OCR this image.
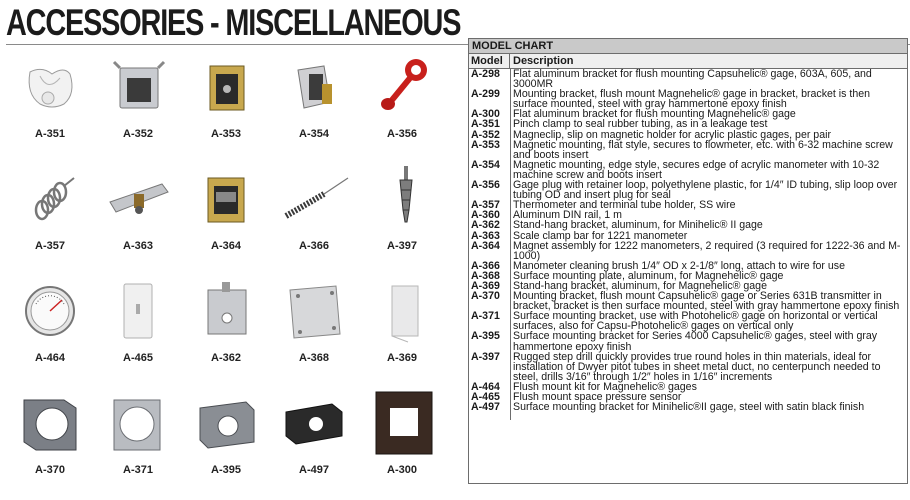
ACCESSORIES - MISCELLANEOUS
A-351	A-352	A-353	A-354	A-356
A-357	A-363	A-364	A-366	A-397
A-464	A-465	A-362	A-368	A-369
A-370	A-371	A-395	A-497	A-300
MODEL CHART
Model Description
A-298	Flat aluminum bracket for flush mounting Capsuhelic® gage, 603A, 605, and 3000MR
A-299	Mounting bracket, flush mount Magnehelic® gage in bracket, bracket is then surface mounted, steel with gray hammertone epoxy finish
A-300	Flat aluminum bracket for flush mounting Magnehelic® gage
A-351	Pinch clamp to seal rubber tubing, as in a leakage test
A-352	Magneclip, slip on magnetic holder for acrylic plastic gages, per pair
A-353	Magnetic mounting, flat style, secures to flowmeter, etc. with 6-32 machine screw and boots insert
A-354	Magnetic mounting, edge style, secures edge of acrylic manometer with 10-32 machine screw and boots insert
A-356	Gage plug with retainer loop, polyethylene plastic, for 1/4″ ID tubing, slip loop over tubing OD and insert plug for seal
A-357	Thermometer and terminal tube holder, SS wire
A-360	Aluminum DIN rail, 1 m
A-362	Stand-hang bracket, aluminum, for Minihelic® II gage
A-363	Scale clamp bar for 1221 manometer
A-364	Magnet assembly for 1222 manometers, 2 required (3 required for 1222-36 and M-1000)
A-366	Manometer cleaning brush 1/4″ OD x 2-1/8″ long, attach to wire for use
A-368	Surface mounting plate, aluminum, for Magnehelic® gage
A-369	Stand-hang bracket, aluminum, for Magnehelic® gage
A-370	Mounting bracket, flush mount Capsuhelic® gage or Series 631B transmitter in bracket, bracket is then surface mounted, steel with gray hammertone epoxy finish
A-371	Surface mounting bracket, use with Photohelic® gage on horizontal or vertical surfaces, also for Capsu-Photohelic® gages on vertical only
A-395	Surface mounting bracket for Series 4000 Capsuhelic® gages, steel with gray hammertone epoxy finish
A-397	Rugged step drill quickly provides true round holes in thin materials, ideal for installation of Dwyer pitot tubes in sheet metal duct, no centerpunch needed to steel, drills 3/16″ through 1/2″ holes in 1/16″ increments
A-464	Flush mount kit for Magnehelic® gages
A-465	Flush mount space pressure sensor
A-497	Surface mounting bracket for Minihelic®II gage, steel with satin black finish
